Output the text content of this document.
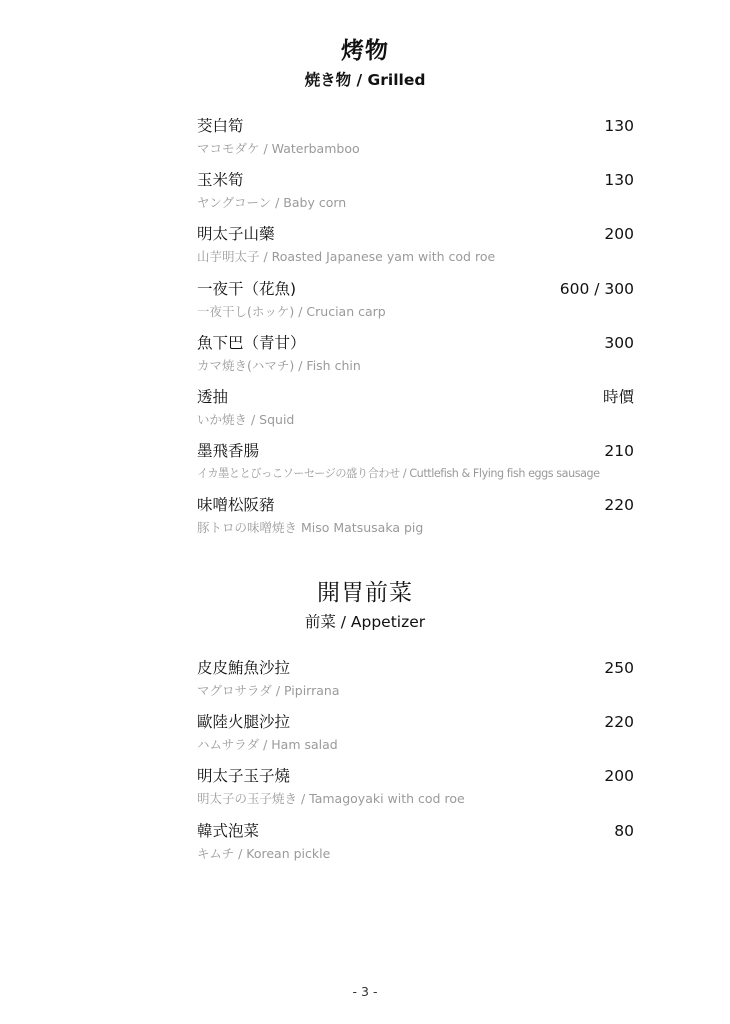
烤物
焼き物 / Grilled
茭白筍	130
マコモダケ / Waterbamboo
玉米筍	130
ヤングコーン / Baby corn
明太子山藥	200
山芋明太子 / Roasted Japanese yam with cod roe
一夜干（花魚)	600 / 300
一夜干し(ホッケ) / Crucian carp
魚下巴（青甘）	300
カマ焼き(ハマチ) / Fish chin
透抽	時價
いか焼き / Squid
墨飛香腸	210
イカ墨ととびっこソーセージの盛り合わせ / Cuttlefish & Flying fish eggs sausage
味噌松阪豬	220
豚トロの味噌焼き Miso Matsusaka pig
開胃前菜
前菜 / Appetizer
皮皮鮪魚沙拉	250
マグロサラダ / Pipirrana
歐陸火腿沙拉	220
ハムサラダ / Ham salad
明太子玉子燒	200
明太子の玉子焼き / Tamagoyaki with cod roe
韓式泡菜	80
キムチ / Korean pickle
- 3 -
